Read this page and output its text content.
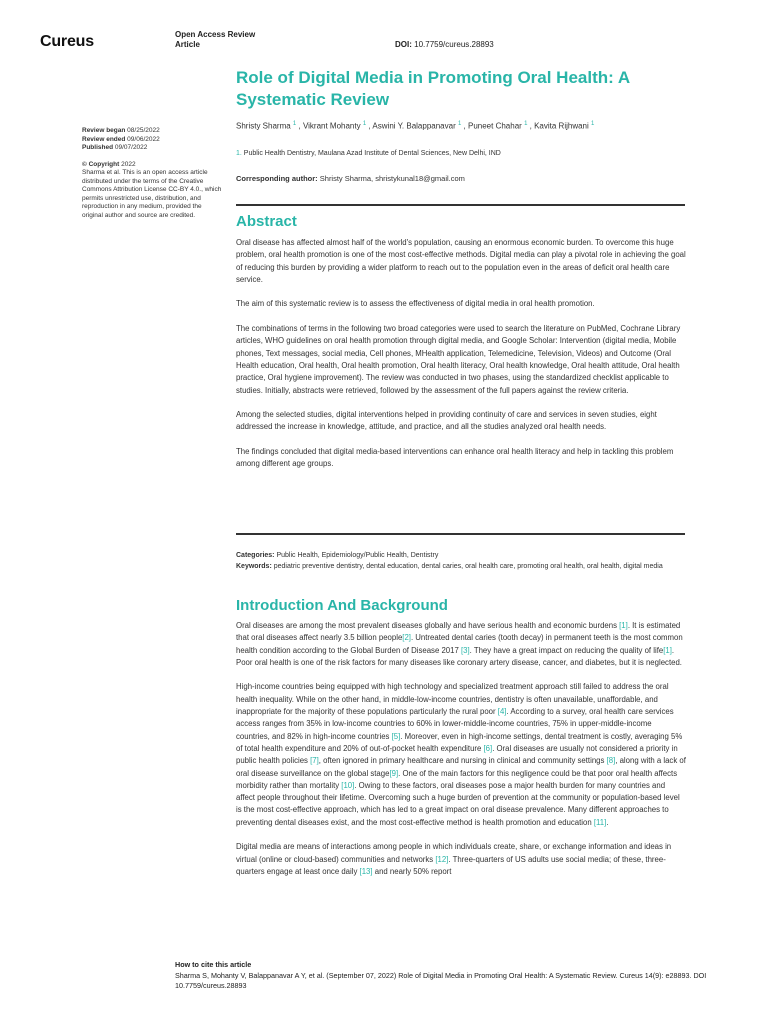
Cureus	Open Access Review
Article	DOI: 10.7759/cureus.28893
Role of Digital Media in Promoting Oral Health: A Systematic Review
Shristy Sharma $^1$ , Vikrant Mohanty $^1$ , Aswini Y. Balappanavar $^1$ , Puneet Chahar $^1$ , Kavita Rijhwani $^1$
1. Public Health Dentistry, Maulana Azad Institute of Dental Sciences, New Delhi, IND
Corresponding author: Shristy Sharma, shristykunal18@gmail.com

Review began 08/25/2022

Review ended 09/06/2022

Published 09/07/2022

© Copyright 2022

Sharma et al. This is an open access article distributed under the terms of the Creative Commons Attribution License CC-BY 4.0., which permits unrestricted use, distribution, and reproduction in any medium, provided the original author and source are credited.	Abstract

Oral disease has affected almost half of the world's population, causing an enormous economic burden. To overcome this huge problem, oral health promotion is one of the most cost-effective methods. Digital media can play a pivotal role in achieving the goal of reducing this burden by providing a wider platform to reach out to the population even in the areas of deficit oral health care service.

The aim of this systematic review is to assess the effectiveness of digital media in oral health promotion.

The combinations of terms in the following two broad categories were used to search the literature on PubMed, Cochrane Library articles, WHO guidelines on oral health promotion through digital media, and Google Scholar: Intervention (digital media, Mobile phones, Text messages, social media, Cell phones, MHealth application, Telemedicine, Television, Videos) and Outcome (Oral Health education, Oral health, Oral health promotion, Oral health literacy, Oral health knowledge, Oral health attitude, Oral health practice, Oral hygiene improvement). The review was conducted in two phases, using the standardized checklist applicable to studies. Initially, abstracts were retrieved, followed by the assessment of the full papers against the review criteria.

Among the selected studies, digital interventions helped in providing continuity of care and services in seven studies, eight addressed the increase in knowledge, attitude, and practice, and all the studies analyzed oral health needs.

The findings concluded that digital media-based interventions can enhance oral health literacy and help in tackling this problem among different age groups.

Categories: Public Health, Epidemiology/Public Health, Dentistry

Keywords: pediatric preventive dentistry, dental education, dental caries, oral health care, promoting oral health, oral health, digital media

Introduction And Background

Oral diseases are among the most prevalent diseases globally and have serious health and economic burdens [1]. It is estimated that oral diseases affect nearly 3.5 billion people[2]. Untreated dental caries (tooth decay) in permanent teeth is the most common health condition according to the Global Burden of Disease 2017 [3]. They have a great impact on reducing the quality of life[1]. Poor oral health is one of the risk factors for many diseases like coronary artery disease, cancer, and diabetes, but it is neglected.

High-income countries being equipped with high technology and specialized treatment approach still failed to address the oral health inequality. While on the other hand, in middle-low-income countries, dentistry is often unavailable, unaffordable, and inappropriate for the majority of these populations particularly the rural poor [4]. According to a survey, oral health care services access ranges from 35% in low-income countries to 60% in lower-middle-income countries, 75% in upper-middle-income countries, and 82% in high-income countries [5]. Moreover, even in high-income settings, dental treatment is costly, averaging 5% of total health expenditure and 20% of out-of-pocket health expenditure [6]. Oral diseases are usually not considered a priority in public health policies [7], often ignored in primary healthcare and nursing in clinical and community settings [8], along with a lack of oral disease surveillance on the global stage[9]. One of the main factors for this negligence could be that poor oral health affects morbidity rather than mortality [10]. Owing to these factors, oral diseases pose a major health burden for many countries and affect people throughout their lifetime. Overcoming such a huge burden of prevention at the community or population-based level is the most cost-effective approach, which has led to a great impact on oral disease prevalence. Many different approaches to preventing dental diseases exist, and the most cost-effective method is health promotion and education [11].

Digital media are means of interactions among people in which individuals create, share, or exchange information and ideas in virtual (online or cloud-based) communities and networks [12]. Three-quarters of US adults use social media; of these, three-quarters engage at least once daily [13] and nearly 50% report

How to cite this article

Sharma S, Mohanty V, Balappanavar A Y, et al. (September 07, 2022) Role of Digital Media in Promoting Oral Health: A Systematic Review. Cureus 14(9): e28893. DOI 10.7759/cureus.28893
